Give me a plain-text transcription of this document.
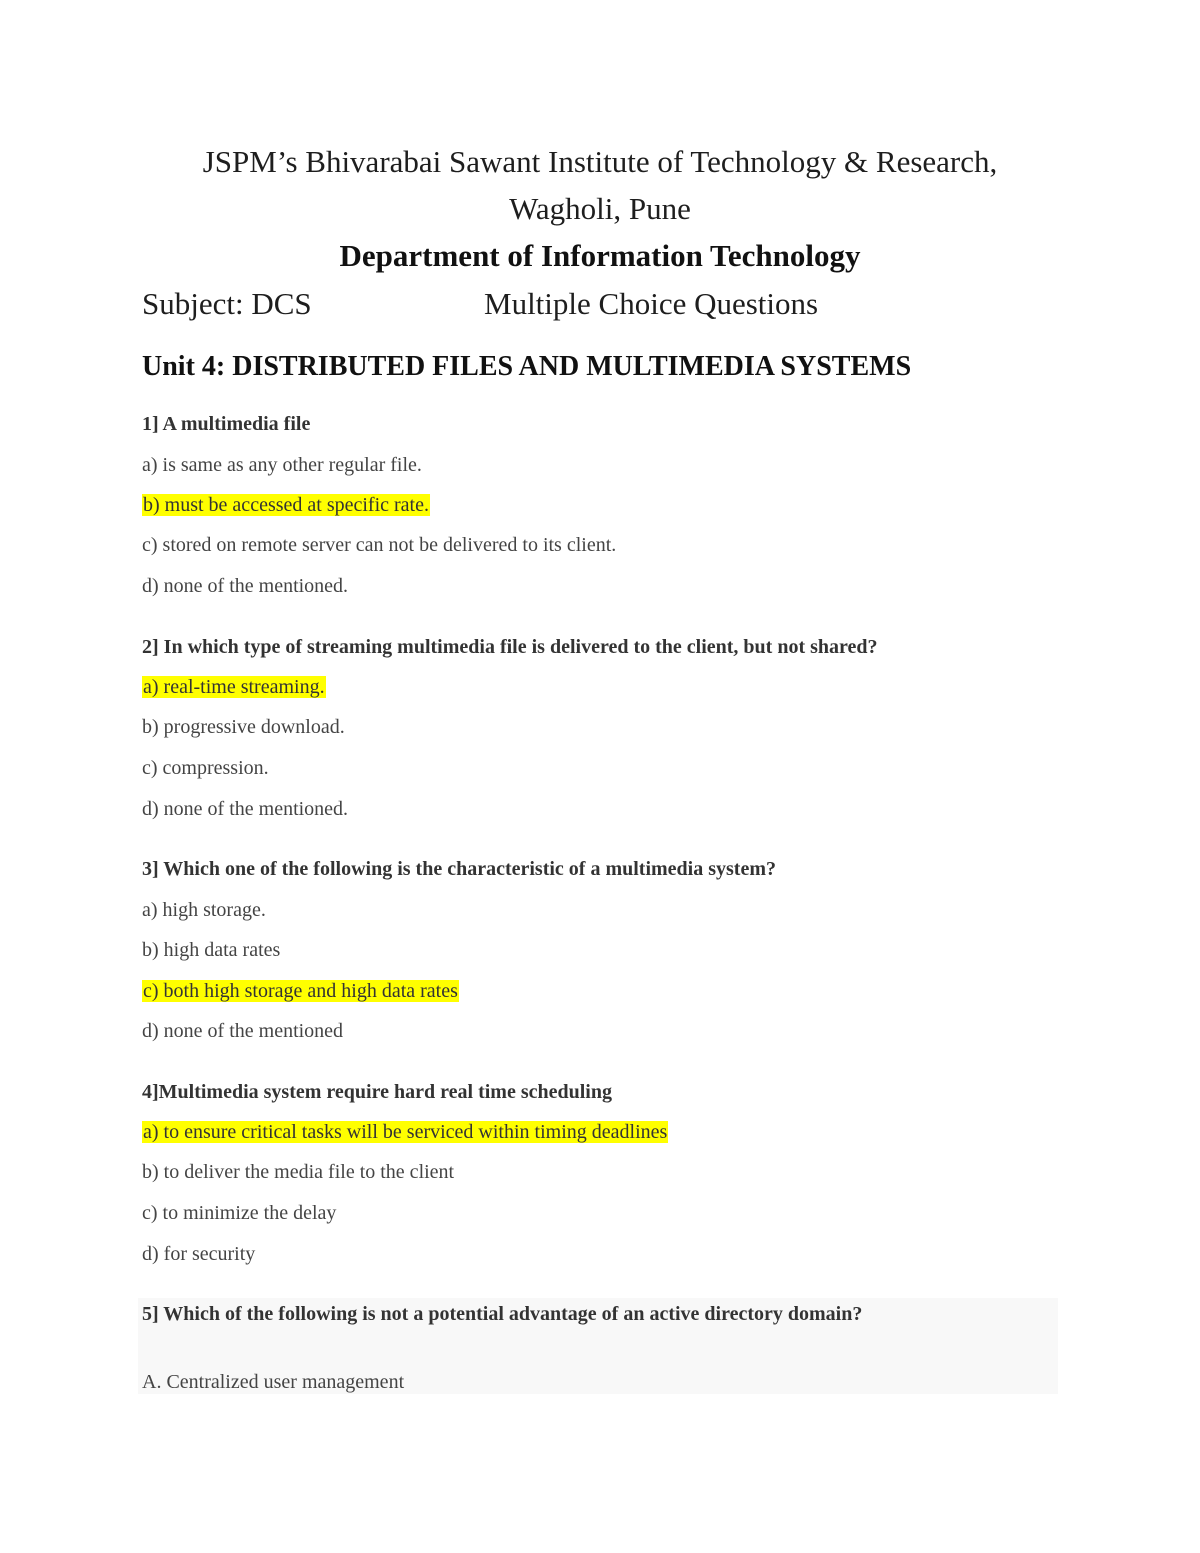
JSPM’s Bhivarabai Sawant Institute of Technology & Research,
Wagholi, Pune
Department of Information Technology
Subject: DCS	Multiple Choice Questions
Unit 4: DISTRIBUTED FILES AND MULTIMEDIA SYSTEMS
1] A multimedia file
a) is same as any other regular file.
b) must be accessed at specific rate.
c) stored on remote server can not be delivered to its client.
d) none of the mentioned.
2] In which type of streaming multimedia file is delivered to the client, but not shared?
a) real-time streaming.
b) progressive download.
c) compression.
d) none of the mentioned.
3] Which one of the following is the characteristic of a multimedia system?
a) high storage.
b) high data rates
c) both high storage and high data rates
d) none of the mentioned
4]Multimedia system require hard real time scheduling
a) to ensure critical tasks will be serviced within timing deadlines
b) to deliver the media file to the client
c) to minimize the delay
d) for security
5] Which of the following is not a potential advantage of an active directory domain?
A. Centralized user management
